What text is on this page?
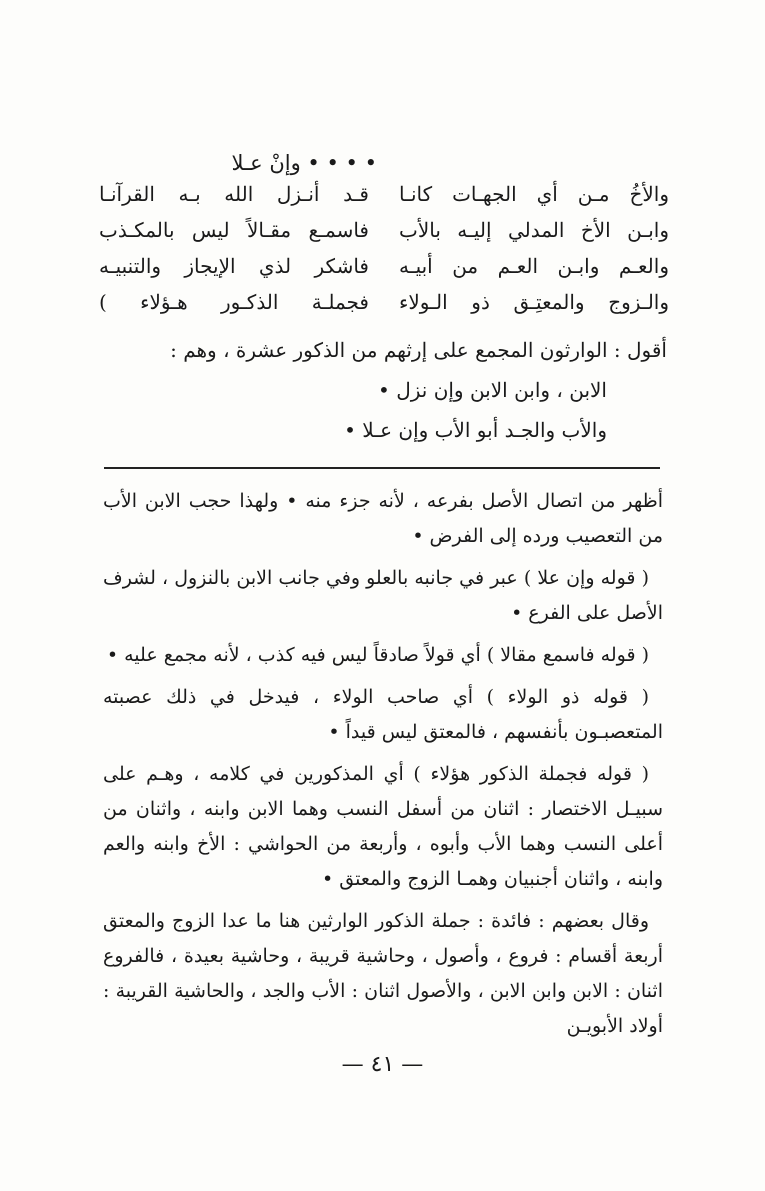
• • • • وإنْ عـلا
والأخُ مـن أي الجهـات كانـا
قـد أنـزل الله بـه القرآنـا
وابـن الأخ المدلي إليـه بالأب
فاسمـع مقـالاً ليس بالمكـذب
والعـم وابـن العـم من أبيـه
فاشكر لذي الإيجاز والتنبيـه
والـزوج والمعتِـق ذو الـولاء
فجملـة الذكـور هـؤلاء )

أقول : الوارثون المجمع على إرثهم من الذكور عشرة ، وهم :

الابن ، وابن الابن وإن نزل •

والأب والجـد أبو الأب وإن عـلا •

أظهر من اتصال الأصل بفرعه ، لأنه جزء منه • ولهذا حجب الابن الأب من التعصيب ورده إلى الفرض •

( قوله وإن علا ) عبر في جانبه بالعلو وفي جانب الابن بالنزول ، لشرف الأصل على الفرع •

( قوله فاسمع مقالا ) أي قولاً صادقاً ليس فيه كذب ، لأنه مجمع عليه •

( قوله ذو الولاء ) أي صاحب الولاء ، فيدخل في ذلك عصبته المتعصبـون بأنفسهم ، فالمعتق ليس قيداً •

( قوله فجملة الذكور هؤلاء ) أي المذكورين في كلامه ، وهـم على سبيـل الاختصار : اثنان من أسفل النسب وهما الابن وابنه ، واثنان من أعلى النسب وهما الأب وأبوه ، وأربعة من الحواشي : الأخ وابنه والعم وابنه ، واثنان أجنبيان وهمـا الزوج والمعتق •

وقال بعضهم : فائدة : جملة الذكور الوارثين هنا ما عدا الزوج والمعتق أربعة أقسام : فروع ، وأصول ، وحاشية قريبة ، وحاشية بعيدة ، فالفروع اثنان : الابن وابن الابن ، والأصول اثنان : الأب والجد ، والحاشية القريبة : أولاد الأبويـن

— ٤١ —
